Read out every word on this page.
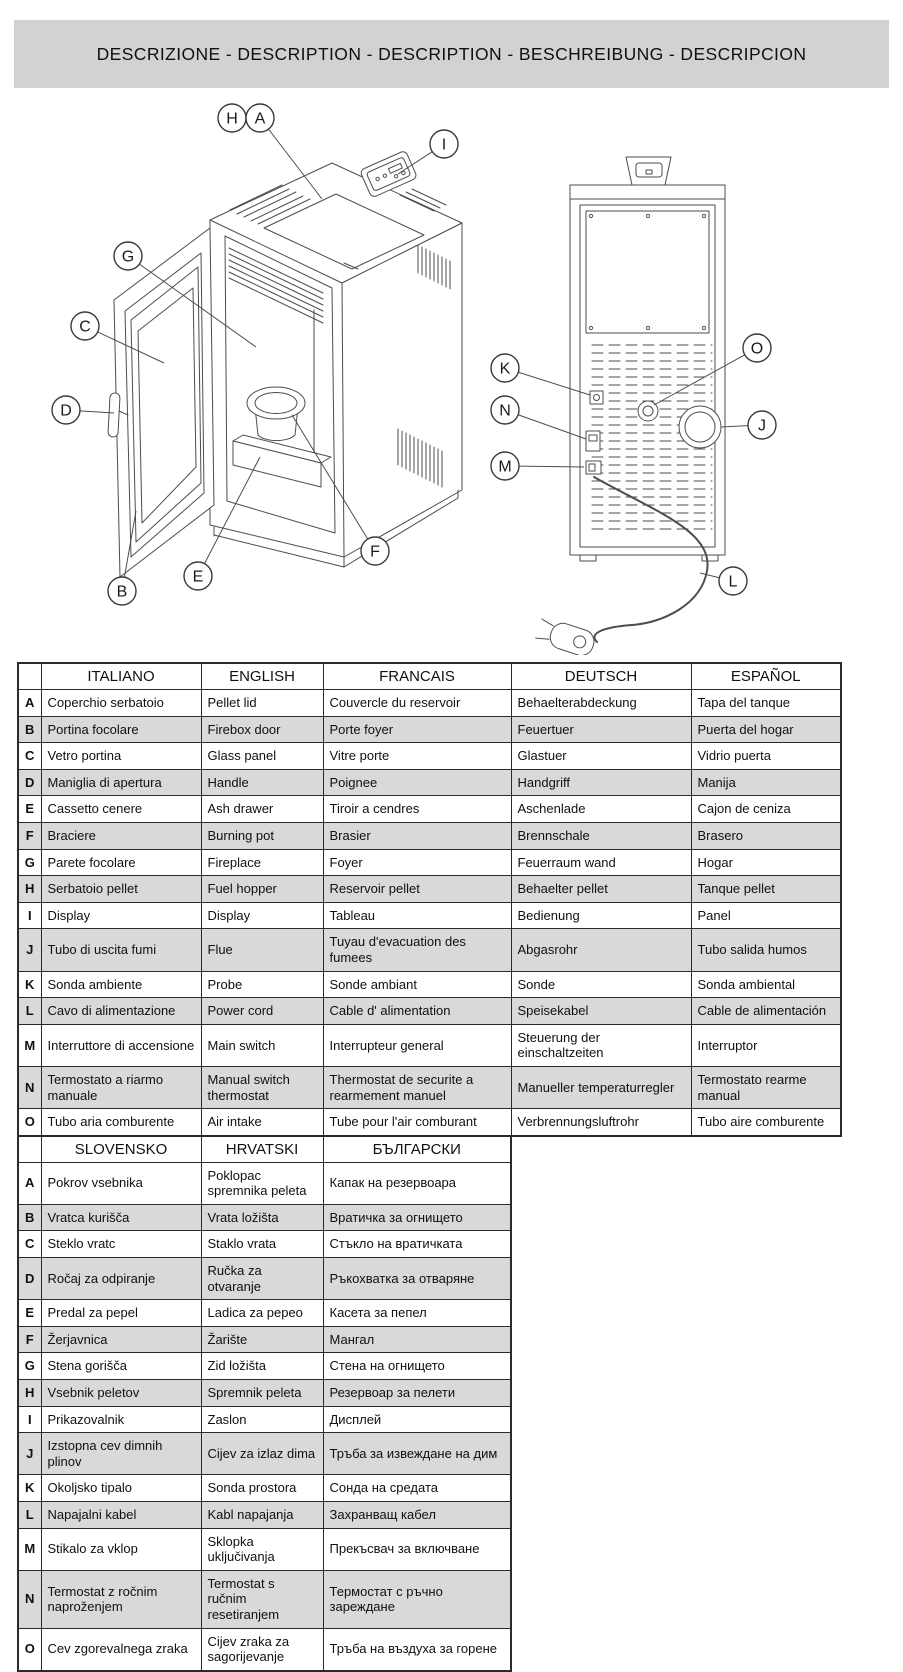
DESCRIZIONE - DESCRIPTION - DESCRIPTION - BESCHREIBUNG - DESCRIPCION
H A
I
G
C
D
B
E
F
O
K
N
M
J
L
	ITALIANO	ENGLISH	FRANCAIS	DEUTSCH	ESPAÑOL
A	Coperchio serbatoio	Pellet lid	Couvercle du reservoir	Behaelterabdeckung	Tapa del tanque
B	Portina focolare	Firebox door	Porte foyer	Feuertuer	Puerta del hogar
C	Vetro portina	Glass panel	Vitre porte	Glastuer	Vidrio puerta
D	Maniglia di apertura	Handle	Poignee	Handgriff	Manija
E	Cassetto cenere	Ash drawer	Tiroir a cendres	Aschenlade	Cajon de ceniza
F	Braciere	Burning pot	Brasier	Brennschale	Brasero
G	Parete focolare	Fireplace	Foyer	Feuerraum wand	Hogar
H	Serbatoio pellet	Fuel hopper	Reservoir pellet	Behaelter pellet	Tanque pellet
I	Display	Display	Tableau	Bedienung	Panel
J	Tubo di uscita fumi	Flue	Tuyau d'evacuation des fumees	Abgasrohr	Tubo salida humos
K	Sonda ambiente	Probe	Sonde ambiant	Sonde	Sonda ambiental
L	Cavo di alimentazione	Power cord	Cable d' alimentation	Speisekabel	Cable de alimentación
M	Interruttore di accensione	Main switch	Interrupteur general	Steuerung der einschaltzeiten	Interruptor
N	Termostato a riarmo manuale	Manual switch thermostat	Thermostat de securite a rearmement manuel	Manueller temperaturregler	Termostato rearme manual
O	Tubo aria comburente	Air intake	Tube pour l'air comburant	Verbrennungsluftrohr	Tubo aire comburente
	SLOVENSKO	HRVATSKI	БЪЛГАРСКИ
A	Pokrov vsebnika	Poklopac spremnika peleta	Капак на резервоара
B	Vratca kurišča	Vrata ložišta	Вратичка за огнището
C	Steklo vratc	Staklo vrata	Стъкло на вратичката
D	Ročaj za odpiranje	Ručka za otvaranje	Ръкохватка за отваряне
E	Predal za pepel	Ladica za pepeo	Касета за пепел
F	Žerjavnica	Žarište	Мангал
G	Stena gorišča	Zid ložišta	Стена на огнището
H	Vsebnik peletov	Spremnik peleta	Резервоар за пелети
I	Prikazovalnik	Zaslon	Дисплей
J	Izstopna cev dimnih plinov	Cijev za izlaz dima	Тръба за извеждане на дим
K	Okoljsko tipalo	Sonda prostora	Сонда на средата
L	Napajalni kabel	Kabl napajanja	Захранващ кабел
M	Stikalo za vklop	Sklopka uključivanja	Прекъсвач за включване
N	Termostat z ročnim naproženjem	Termostat s ručnim resetiranjem	Термостат с ръчно зареждане
O	Cev zgorevalnega zraka	Cijev zraka za sagorijevanje	Тръба на въздуха за горене
